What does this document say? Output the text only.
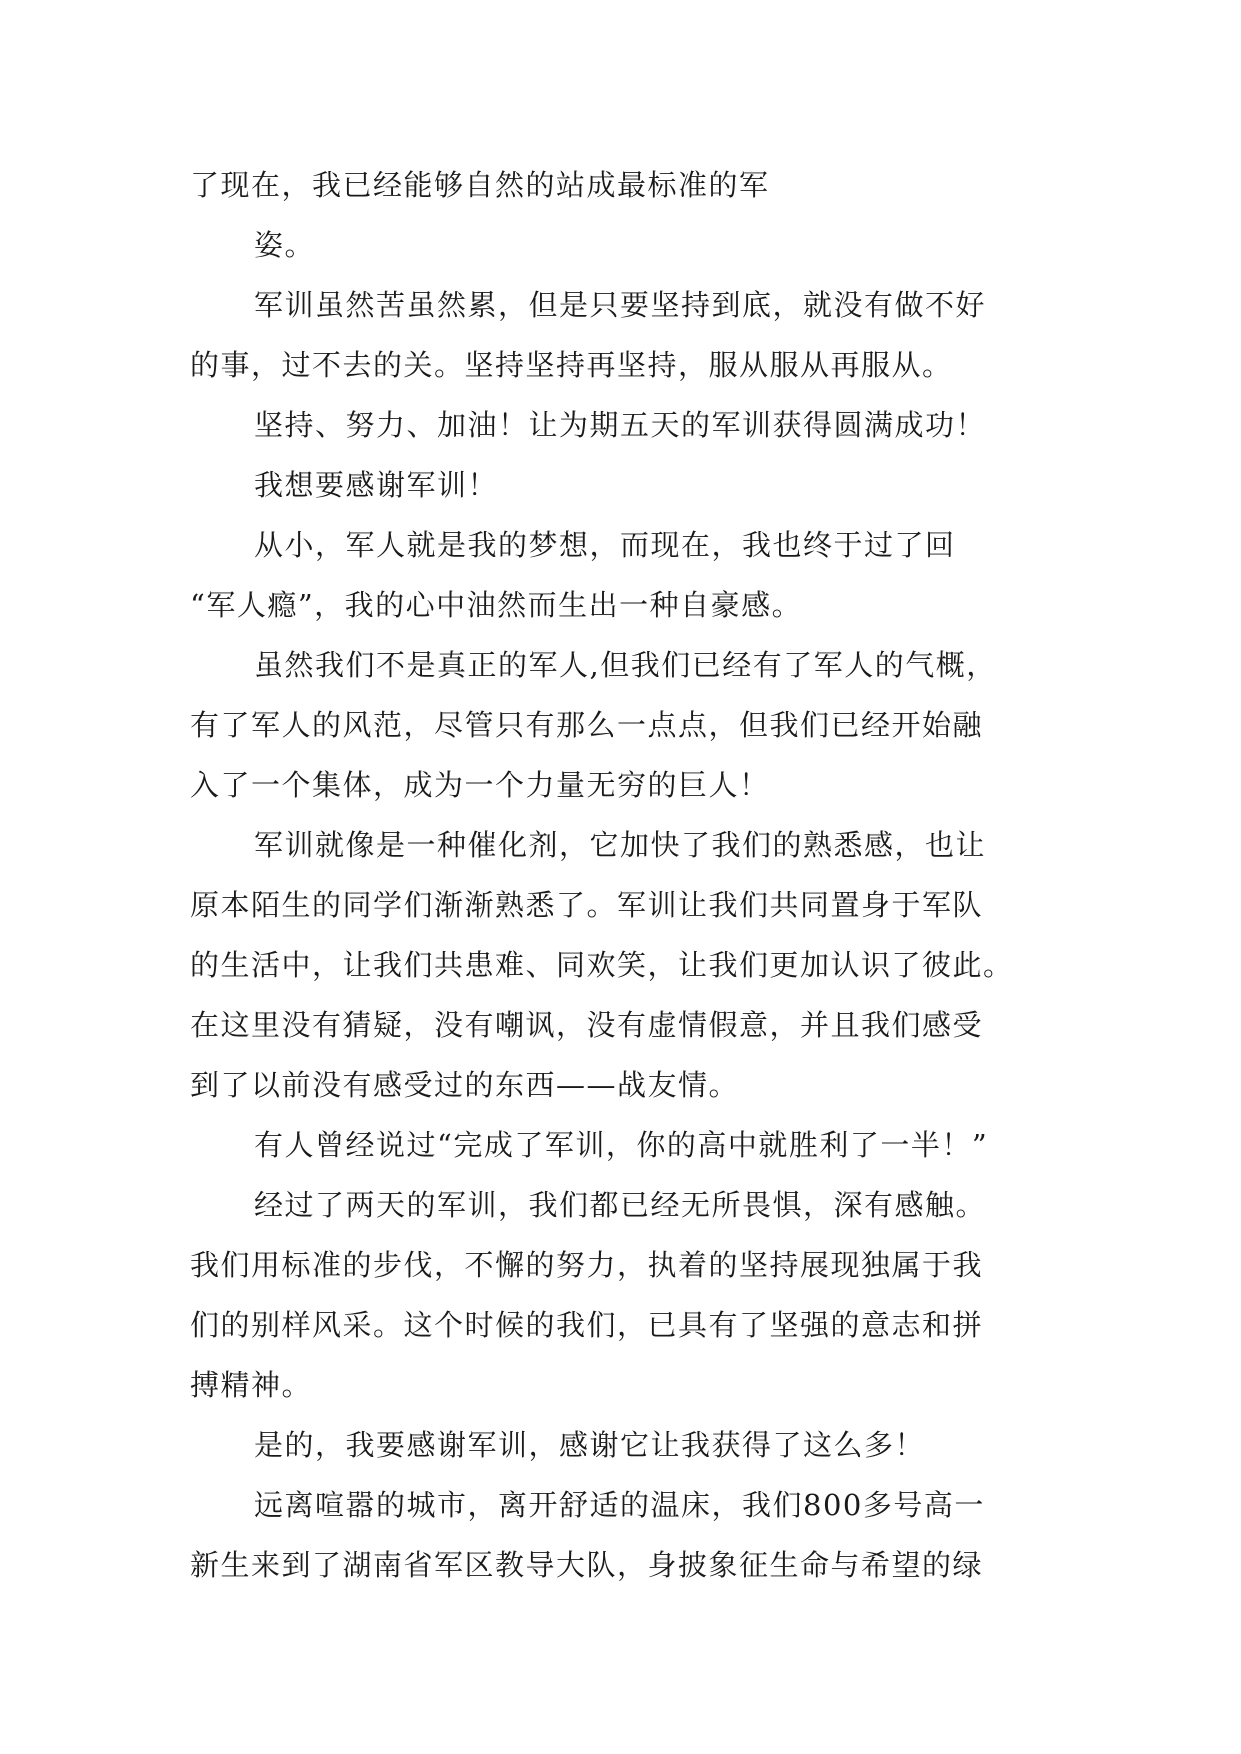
了现在，我已经能够自然的站成最标准的军
姿。
军训虽然苦虽然累，但是只要坚持到底，就没有做不好
的事，过不去的关。坚持坚持再坚持，服从服从再服从。
坚持、努力、加油！让为期五天的军训获得圆满成功！
我想要感谢军训！
从小，军人就是我的梦想，而现在，我也终于过了回
“军人瘾”，我的心中油然而生出一种自豪感。
虽然我们不是真正的军人,但我们已经有了军人的气概，
有了军人的风范，尽管只有那么一点点，但我们已经开始融
入了一个集体，成为一个力量无穷的巨人！
军训就像是一种催化剂，它加快了我们的熟悉感，也让
原本陌生的同学们渐渐熟悉了。军训让我们共同置身于军队
的生活中，让我们共患难、同欢笑，让我们更加认识了彼此。
在这里没有猜疑，没有嘲讽，没有虚情假意，并且我们感受
到了以前没有感受过的东西——战友情。
有人曾经说过“完成了军训，你的高中就胜利了一半！”
经过了两天的军训，我们都已经无所畏惧，深有感触。
我们用标准的步伐，不懈的努力，执着的坚持展现独属于我
们的别样风采。这个时候的我们，已具有了坚强的意志和拼
搏精神。
是的，我要感谢军训，感谢它让我获得了这么多！
远离喧嚣的城市，离开舒适的温床，我们800多号高一
新生来到了湖南省军区教导大队，身披象征生命与希望的绿
